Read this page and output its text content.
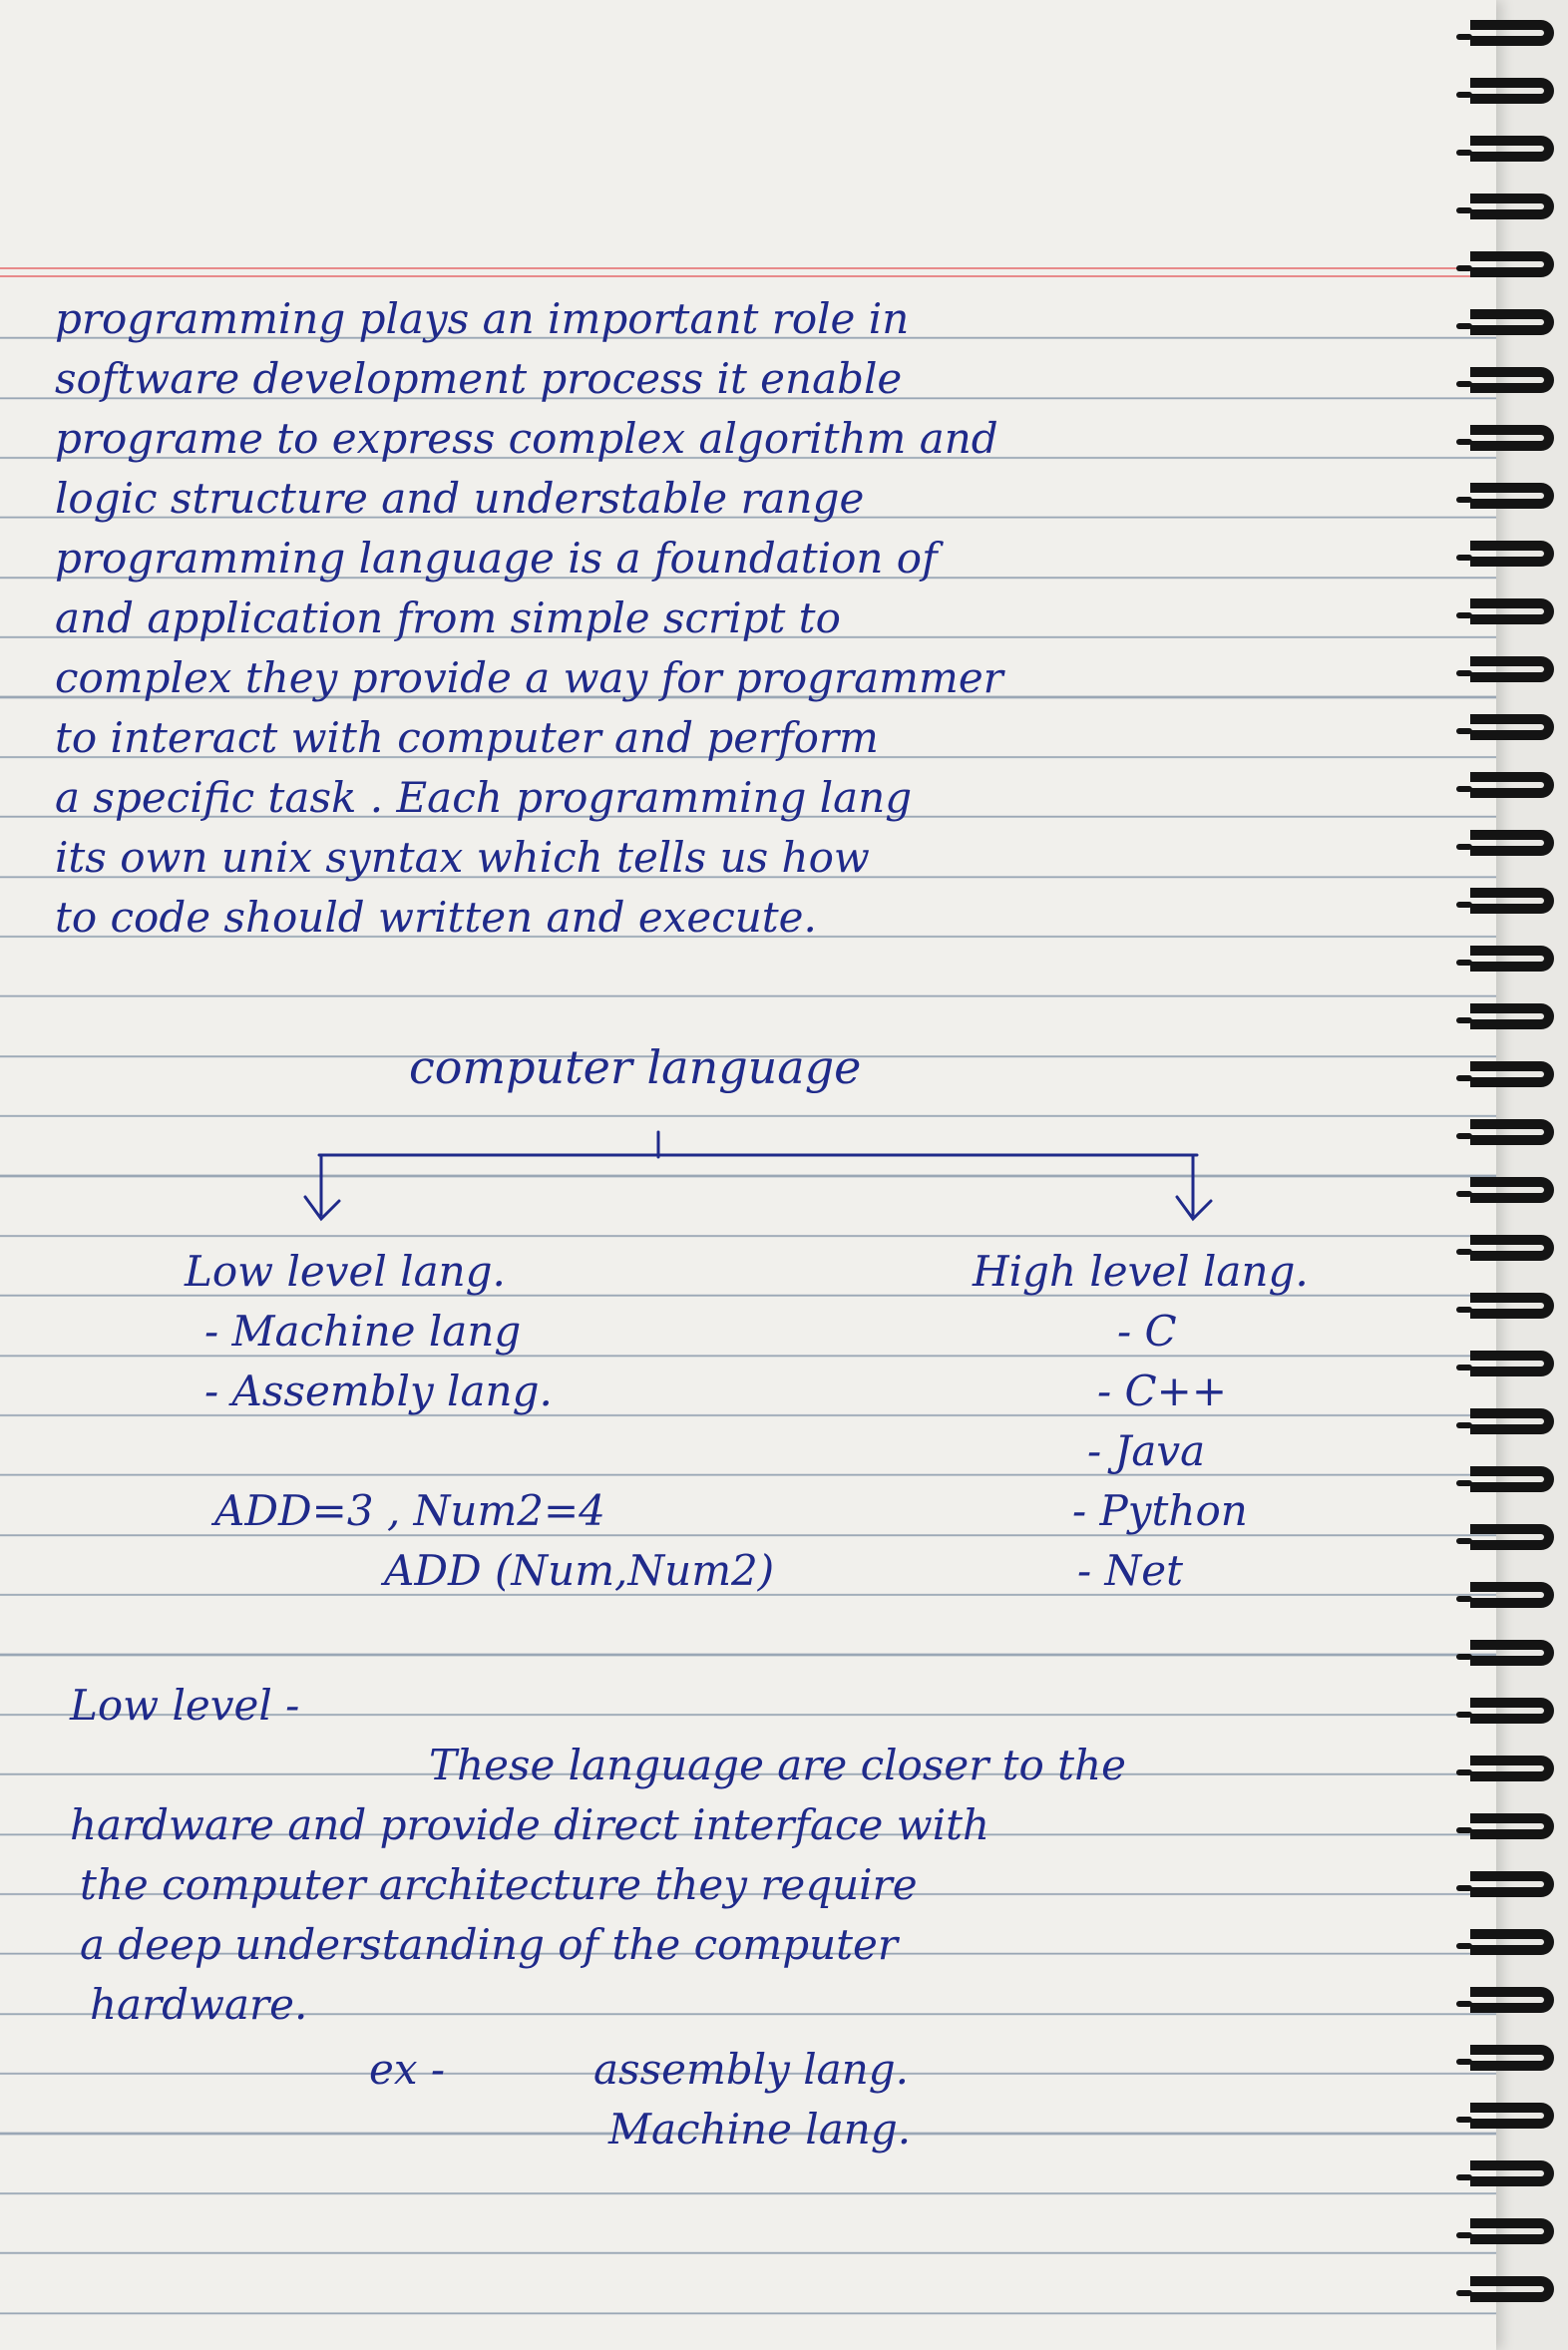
programming plays an important role in
software development process it enable
programe to express complex algorithm and
logic structure and understable range
programming language is a foundation of
and application from simple script to
complex they provide a way for programmer
to interact with computer and perform
a specific task . Each programming lang
its own unix syntax which tells us how
to code should written and execute.
computer language
Low level lang.
- Machine lang
- Assembly lang.
High level lang.
- C
- C++
- Java
- Python
- Net
ADD=3 , Num2=4
ADD (Num,Num2)
Low level -
These language are closer to the
hardware and provide direct interface with
the computer architecture they require
a deep understanding of the computer
hardware.
ex -	assembly lang.
Machine lang.
